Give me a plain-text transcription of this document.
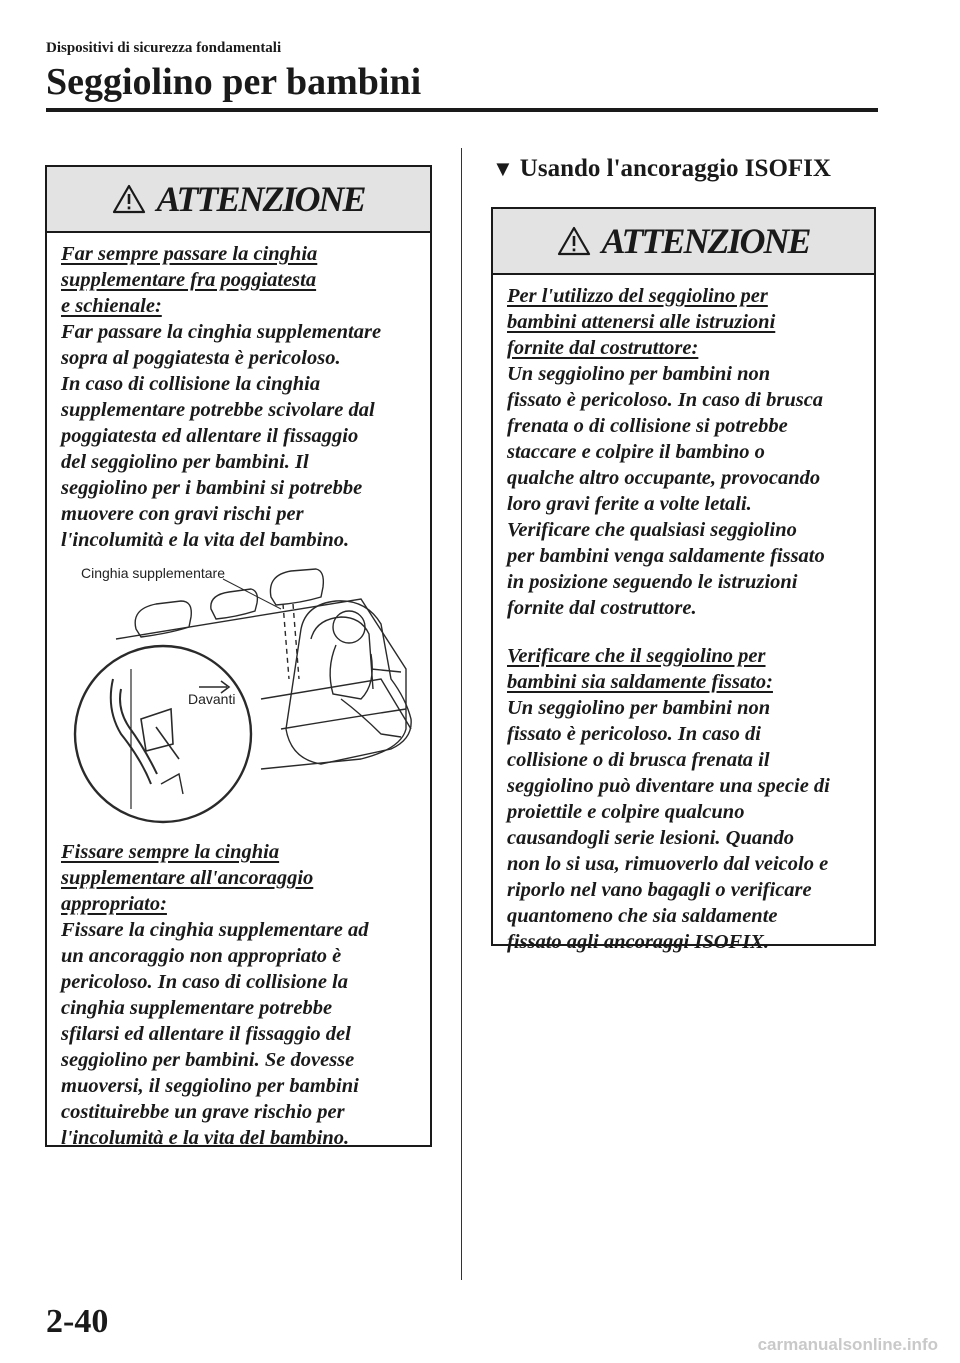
Dispositivi di sicurezza fondamentali
Seggiolino per bambini
ATTENZIONE
Far sempre passare la cinghia
supplementare fra poggiatesta
e schienale:
Far passare la cinghia supplementare
sopra al poggiatesta è pericoloso.
In caso di collisione la cinghia
supplementare potrebbe scivolare dal
poggiatesta ed allentare il fissaggio
del seggiolino per bambini. Il
seggiolino per i bambini si potrebbe
muovere con gravi rischi per
l'incolumità e la vita del bambino.
Cinghia supplementare
Davanti
Fissare sempre la cinghia
supplementare all'ancoraggio
appropriato:
Fissare la cinghia supplementare ad
un ancoraggio non appropriato è
pericoloso. In caso di collisione la
cinghia supplementare potrebbe
sfilarsi ed allentare il fissaggio del
seggiolino per bambini. Se dovesse
muoversi, il seggiolino per bambini
costituirebbe un grave rischio per
l'incolumità e la vita del bambino.
▼ Usando l'ancoraggio ISOFIX
ATTENZIONE
Per l'utilizzo del seggiolino per
bambini attenersi alle istruzioni
fornite dal costruttore:
Un seggiolino per bambini non
fissato è pericoloso. In caso di brusca
frenata o di collisione si potrebbe
staccare e colpire il bambino o
qualche altro occupante, provocando
loro gravi ferite a volte letali.
Verificare che qualsiasi seggiolino
per bambini venga saldamente fissato
in posizione seguendo le istruzioni
fornite dal costruttore.
Verificare che il seggiolino per
bambini sia saldamente fissato:
Un seggiolino per bambini non
fissato è pericoloso. In caso di
collisione o di brusca frenata il
seggiolino può diventare una specie di
proiettile e colpire qualcuno
causandogli serie lesioni. Quando
non lo si usa, rimuoverlo dal veicolo e
riporlo nel vano bagagli o verificare
quantomeno che sia saldamente
fissato agli ancoraggi ISOFIX.
2-40
carmanualsonline.info
